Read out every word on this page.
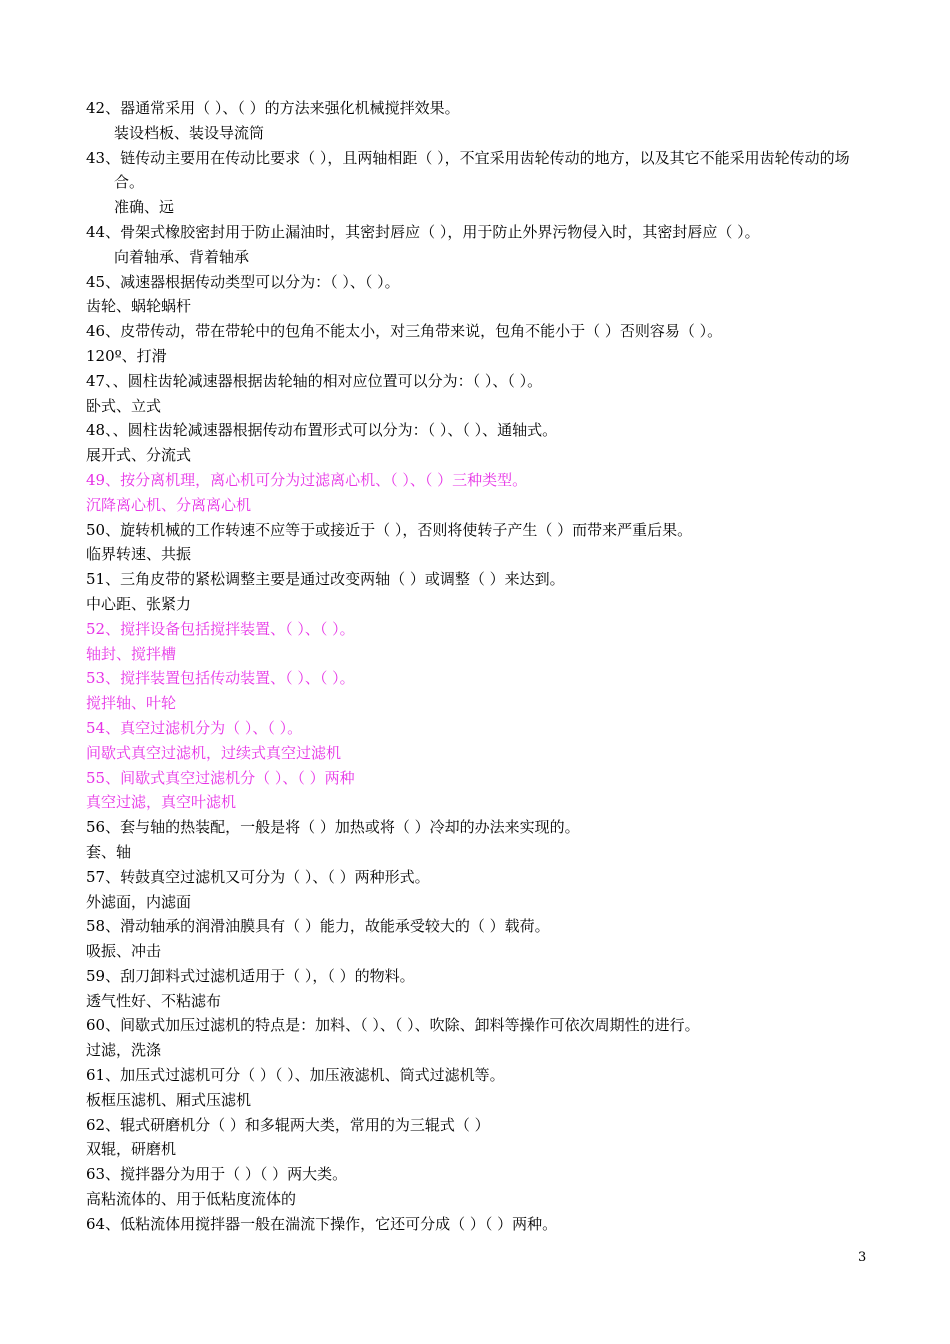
42、器通常采用（ ）、（ ）的方法来强化机械搅拌效果。
装设档板、装设导流筒
43、链传动主要用在传动比要求（ ），且两轴相距（ ），不宜采用齿轮传动的地方，以及其它不能采用齿轮传动的场合。
准确、远
44、骨架式橡胶密封用于防止漏油时，其密封唇应（ ），用于防止外界污物侵入时，其密封唇应（ ）。
向着轴承、背着轴承
45、减速器根据传动类型可以分为：（ ）、（ ）。
齿轮、蜗轮蜗杆
46、皮带传动，带在带轮中的包角不能太小，对三角带来说，包角不能小于（ ）否则容易（ ）。
120º、打滑
47、、圆柱齿轮减速器根据齿轮轴的相对应位置可以分为：（ ）、（ ）。
卧式、立式
48、、圆柱齿轮减速器根据传动布置形式可以分为：（ ）、（ ）、通轴式。
展开式、分流式
49、按分离机理，离心机可分为过滤离心机、（ ）、（ ）三种类型。
沉降离心机、分离离心机
50、旋转机械的工作转速不应等于或接近于（ ），否则将使转子产生（ ）而带来严重后果。
临界转速、共振
51、三角皮带的紧松调整主要是通过改变两轴（ ）或调整（ ）来达到。
中心距、张紧力
52、搅拌设备包括搅拌装置、（ ）、（ ）。
轴封、搅拌槽
53、搅拌装置包括传动装置、（ ）、（ ）。
搅拌轴、叶轮
54、真空过滤机分为（ ）、（ ）。
间歇式真空过滤机，过续式真空过滤机
55、间歇式真空过滤机分（ ）、（ ）两种
真空过滤，真空叶滤机
56、套与轴的热装配，一般是将（ ）加热或将（ ）冷却的办法来实现的。
套、轴
57、转鼓真空过滤机又可分为（ ）、（ ）两种形式。
外滤面，内滤面
58、滑动轴承的润滑油膜具有（ ）能力，故能承受较大的（ ）载荷。
吸振、冲击
59、刮刀卸料式过滤机适用于（ ），（ ）的物料。
透气性好、不粘滤布
60、间歇式加压过滤机的特点是：加料、（ ）、（ ）、吹除、卸料等操作可依次周期性的进行。
过滤，洗涤
61、加压式过滤机可分（ ）（ ）、加压液滤机、筒式过滤机等。
板框压滤机、厢式压滤机
62、辊式研磨机分（ ）和多辊两大类，常用的为三辊式（ ）
双辊，研磨机
63、搅拌器分为用于（ ）（ ）两大类。
高粘流体的、用于低粘度流体的
64、低粘流体用搅拌器一般在湍流下操作，它还可分成（ ）（ ）两种。
3
